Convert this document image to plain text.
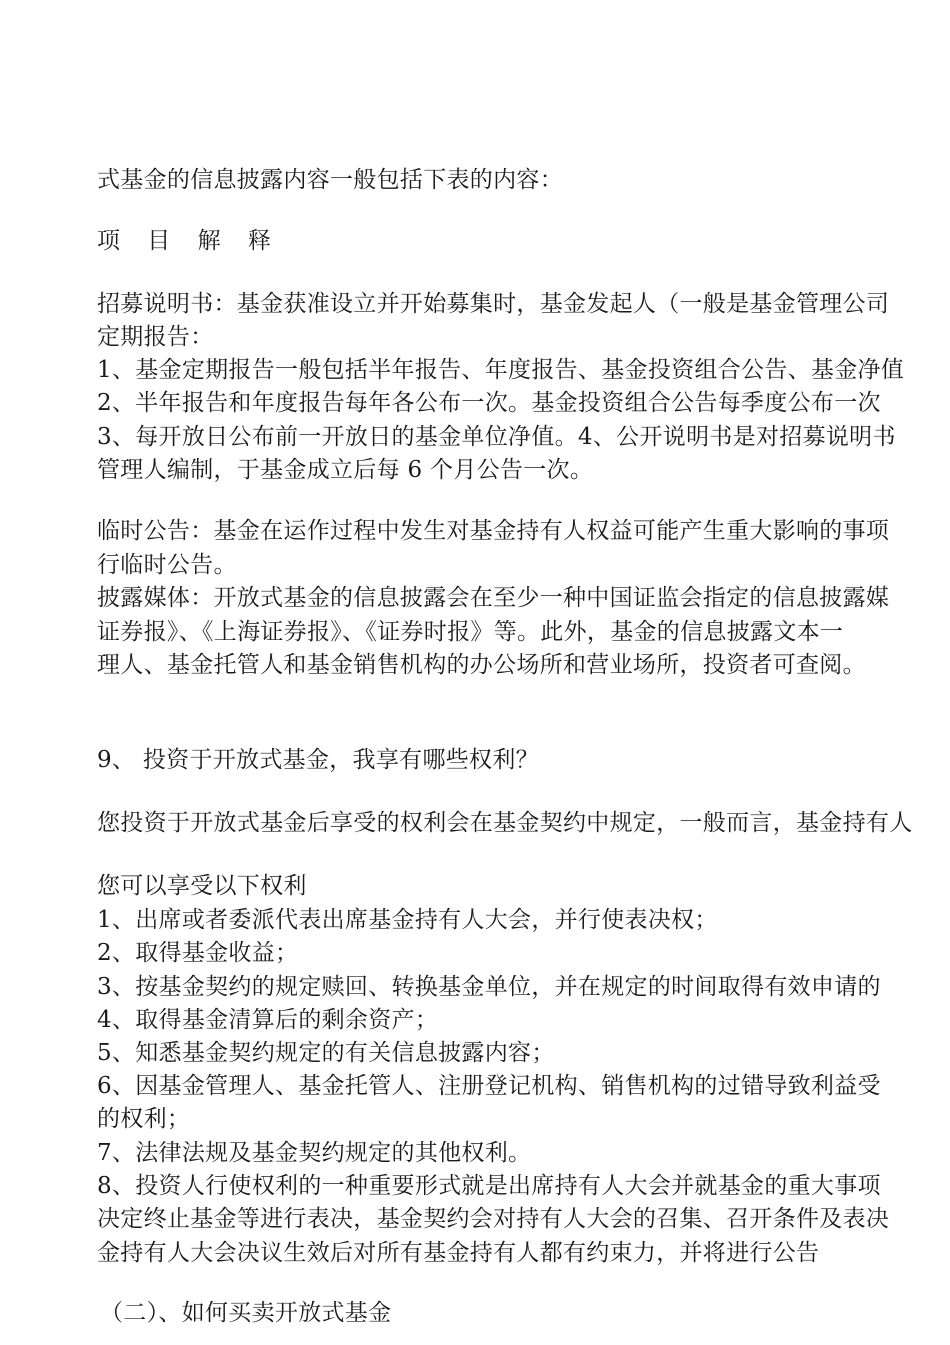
式基金的信息披露内容一般包括下表的内容：
项 目 解 释
招募说明书：基金获准设立并开始募集时，基金发起人（一般是基金管理公司
定期报告：
1、基金定期报告一般包括半年报告、年度报告、基金投资组合公告、基金净值
2、半年报告和年度报告每年各公布一次。基金投资组合公告每季度公布一次
3、每开放日公布前一开放日的基金单位净值。4、公开说明书是对招募说明书
管理人编制，于基金成立后每 6 个月公告一次。
临时公告：基金在运作过程中发生对基金持有人权益可能产生重大影响的事项
行临时公告。
披露媒体：开放式基金的信息披露会在至少一种中国证监会指定的信息披露媒
证券报》、《上海证券报》、《证券时报》等。此外，基金的信息披露文本一
理人、基金托管人和基金销售机构的办公场所和营业场所，投资者可查阅。
9、 投资于开放式基金，我享有哪些权利？
您投资于开放式基金后享受的权利会在基金契约中规定，一般而言，基金持有人
您可以享受以下权利
1、出席或者委派代表出席基金持有人大会，并行使表决权；
2、取得基金收益；
3、按基金契约的规定赎回、转换基金单位，并在规定的时间取得有效申请的
4、取得基金清算后的剩余资产；
5、知悉基金契约规定的有关信息披露内容；
6、因基金管理人、基金托管人、注册登记机构、销售机构的过错导致利益受
的权利；
7、法律法规及基金契约规定的其他权利。
8、投资人行使权利的一种重要形式就是出席持有人大会并就基金的重大事项
决定终止基金等进行表决，基金契约会对持有人大会的召集、召开条件及表决
金持有人大会决议生效后对所有基金持有人都有约束力，并将进行公告
（二）、如何买卖开放式基金
